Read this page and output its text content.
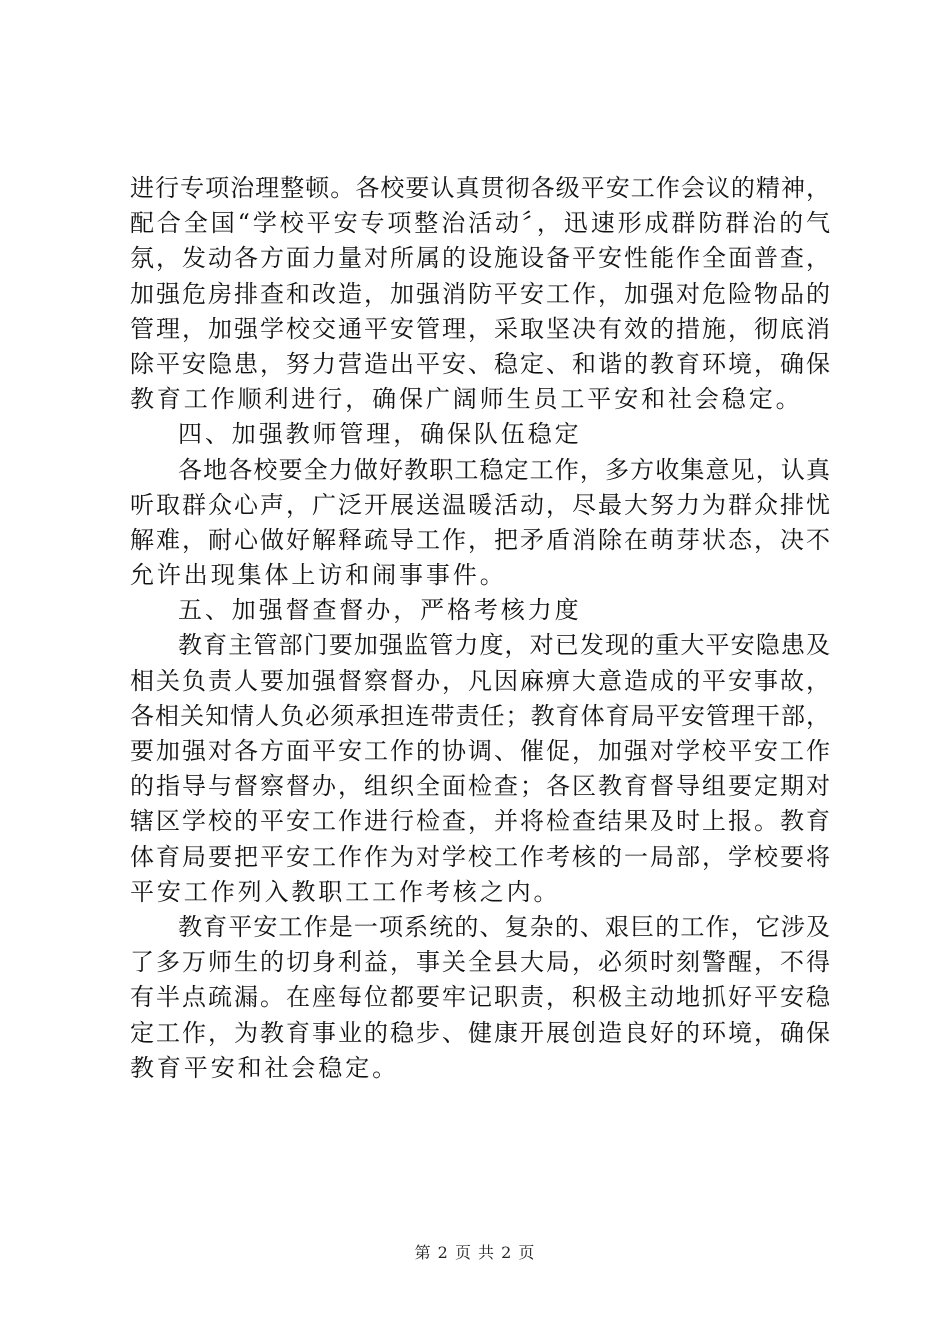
进行专项治理整顿。各校要认真贯彻各级平安工作会议的精神，
配合全国“学校平安专项整治活动〞，迅速形成群防群治的气
氛，发动各方面力量对所属的设施设备平安性能作全面普查，
加强危房排查和改造，加强消防平安工作，加强对危险物品的
管理，加强学校交通平安管理，采取坚决有效的措施，彻底消
除平安隐患，努力营造出平安、稳定、和谐的教育环境，确保
教育工作顺利进行，确保广阔师生员工平安和社会稳定。
四、加强教师管理，确保队伍稳定
各地各校要全力做好教职工稳定工作，多方收集意见，认真
听取群众心声，广泛开展送温暖活动，尽最大努力为群众排忧
解难，耐心做好解释疏导工作，把矛盾消除在萌芽状态，决不
允许出现集体上访和闹事事件。
五、加强督查督办，严格考核力度
教育主管部门要加强监管力度，对已发现的重大平安隐患及
相关负责人要加强督察督办，凡因麻痹大意造成的平安事故，
各相关知情人负必须承担连带责任；教育体育局平安管理干部，
要加强对各方面平安工作的协调、催促，加强对学校平安工作
的指导与督察督办，组织全面检查；各区教育督导组要定期对
辖区学校的平安工作进行检查，并将检查结果及时上报。教育
体育局要把平安工作作为对学校工作考核的一局部，学校要将
平安工作列入教职工工作考核之内。
教育平安工作是一项系统的、复杂的、艰巨的工作，它涉及
了多万师生的切身利益，事关全县大局，必须时刻警醒，不得
有半点疏漏。在座每位都要牢记职责，积极主动地抓好平安稳
定工作，为教育事业的稳步、健康开展创造良好的环境，确保
教育平安和社会稳定。
第 2 页 共 2 页
